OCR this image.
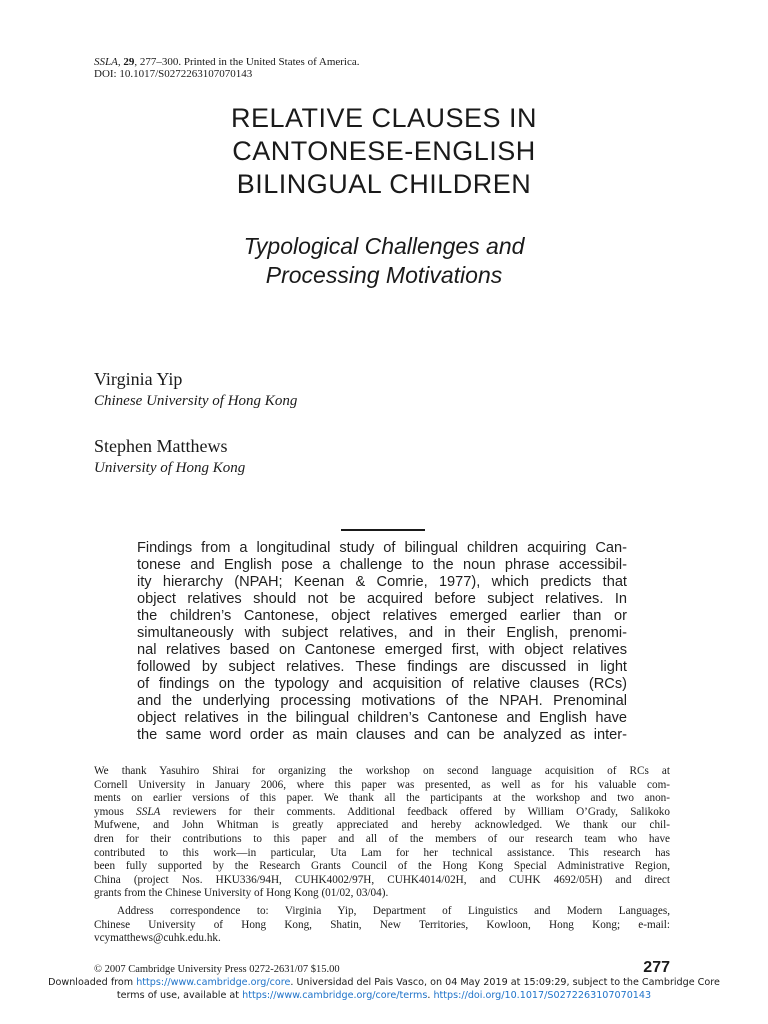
SSLA, 29, 277–300. Printed in the United States of America.
DOI: 10.1017/S0272263107070143
RELATIVE CLAUSES IN
CANTONESE-ENGLISH
BILINGUAL CHILDREN
Typological Challenges and
Processing Motivations
Virginia Yip
Chinese University of Hong Kong
Stephen Matthews
University of Hong Kong
Findings from a longitudinal study of bilingual children acquiring Can-
tonese and English pose a challenge to the noun phrase accessibil-
ity hierarchy (NPAH; Keenan & Comrie, 1977), which predicts that
object relatives should not be acquired before subject relatives. In
the children’s Cantonese, object relatives emerged earlier than or
simultaneously with subject relatives, and in their English, prenomi-
nal relatives based on Cantonese emerged first, with object relatives
followed by subject relatives. These findings are discussed in light
of findings on the typology and acquisition of relative clauses (RCs)
and the underlying processing motivations of the NPAH. Prenominal
object relatives in the bilingual children’s Cantonese and English have
the same word order as main clauses and can be analyzed as inter-
We thank Yasuhiro Shirai for organizing the workshop on second language acquisition of RCs at
Cornell University in January 2006, where this paper was presented, as well as for his valuable com-
ments on earlier versions of this paper. We thank all the participants at the workshop and two anon-
ymous SSLA reviewers for their comments. Additional feedback offered by William O’Grady, Salikoko
Mufwene, and John Whitman is greatly appreciated and hereby acknowledged. We thank our chil-
dren for their contributions to this paper and all of the members of our research team who have
contributed to this work—in particular, Uta Lam for her technical assistance. This research has
been fully supported by the Research Grants Council of the Hong Kong Special Administrative Region,
China (project Nos. HKU336/94H, CUHK4002/97H, CUHK4014/02H, and CUHK 4692/05H) and direct
grants from the Chinese University of Hong Kong (01/02, 03/04).
Address correspondence to: Virginia Yip, Department of Linguistics and Modern Languages,
Chinese University of Hong Kong, Shatin, New Territories, Kowloon, Hong Kong; e-mail:
vcymatthews@cuhk.edu.hk.
© 2007 Cambridge University Press 0272-2631/07 $15.00	277
Downloaded from https://www.cambridge.org/core. Universidad del Pais Vasco, on 04 May 2019 at 15:09:29, subject to the Cambridge Core
terms of use, available at https://www.cambridge.org/core/terms. https://doi.org/10.1017/S0272263107070143
